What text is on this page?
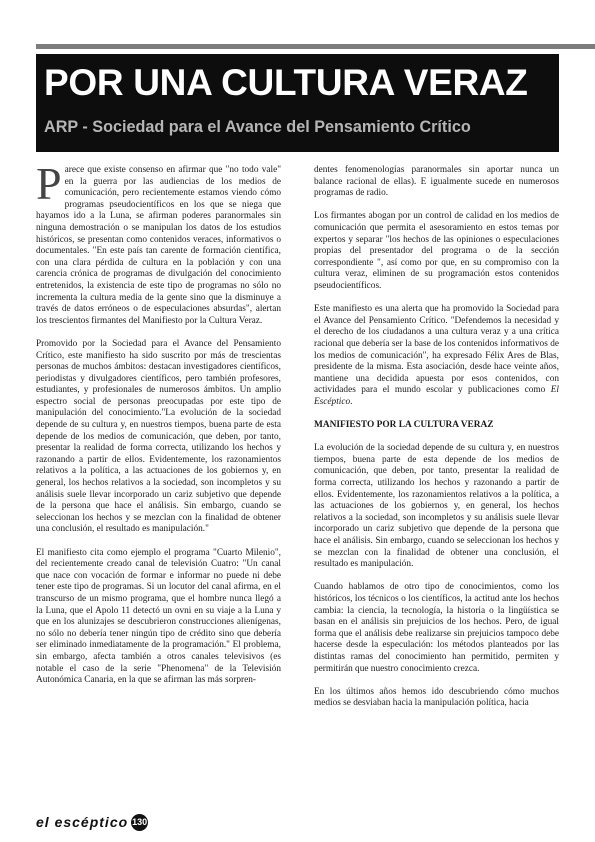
POR UNA CULTURA VERAZ
ARP - Sociedad para el Avance del Pensamiento Crítico

Parece que existe consenso en afirmar que "no todo vale" en la guerra por las audiencias de los medios de comunicación, pero recientemente estamos viendo cómo programas pseudocientíficos en los que se niega que hayamos ido a la Luna, se afirman poderes paranormales sin ninguna demostración o se manipulan los datos de los estudios históricos, se presentan como contenidos veraces, informativos o documentales. "En este país tan carente de formación científica, con una clara pérdida de cultura en la población y con una carencia crónica de programas de divulgación del conocimiento entretenidos, la existencia de este tipo de programas no sólo no incrementa la cultura media de la gente sino que la disminuye a través de datos erróneos o de especulaciones absurdas", alertan los trescientos firmantes del Manifiesto por la Cultura Veraz.

Promovido por la Sociedad para el Avance del Pensamiento Crítico, este manifiesto ha sido suscrito por más de trescientas personas de muchos ámbitos: destacan investigadores científicos, periodistas y divulgadores científicos, pero también profesores, estudiantes, y profesionales de numerosos ámbitos. Un amplio espectro social de personas preocupadas por este tipo de manipulación del conocimiento."La evolución de la sociedad depende de su cultura y, en nuestros tiempos, buena parte de esta depende de los medios de comunicación, que deben, por tanto, presentar la realidad de forma correcta, utilizando los hechos y razonando a partir de ellos. Evidentemente, los razonamientos relativos a la política, a las actuaciones de los gobiernos y, en general, los hechos relativos a la sociedad, son incompletos y su análisis suele llevar incorporado un cariz subjetivo que depende de la persona que hace el análisis. Sin embargo, cuando se seleccionan los hechos y se mezclan con la finalidad de obtener una conclusión, el resultado es manipulación."

El manifiesto cita como ejemplo el programa "Cuarto Milenio", del recientemente creado canal de televisión Cuatro: "Un canal que nace con vocación de formar e informar no puede ni debe tener este tipo de programas. Si un locutor del canal afirma, en el transcurso de un mismo programa, que el hombre nunca llegó a la Luna, que el Apolo 11 detectó un ovni en su viaje a la Luna y que en los alunizajes se descubrieron construcciones alienígenas, no sólo no debería tener ningún tipo de crédito sino que debería ser eliminado inmediatamente de la programación." El problema, sin embargo, afecta también a otros canales televisivos (es notable el caso de la serie "Phenomena" de la Televisión Autonómica Canaria, en la que se afirman las más sorpren-

dentes fenomenologías paranormales sin aportar nunca un balance racional de ellas). E igualmente sucede en numerosos programas de radio.

Los firmantes abogan por un control de calidad en los medios de comunicación que permita el asesoramiento en estos temas por expertos y separar "los hechos de las opiniones o especulaciones propias del presentador del programa o de la sección correspondiente ", así como por que, en su compromiso con la cultura veraz, eliminen de su programación estos contenidos pseudocientíficos.

Este manifiesto es una alerta que ha promovido la Sociedad para el Avance del Pensamiento Crítico. "Defendemos la necesidad y el derecho de los ciudadanos a una cultura veraz y a una crítica racional que debería ser la base de los contenidos informativos de los medios de comunicación", ha expresado Félix Ares de Blas, presidente de la misma. Esta asociación, desde hace veinte años, mantiene una decidida apuesta por esos contenidos, con actividades para el mundo escolar y publicaciones como El Escéptico.

MANIFIESTO POR LA CULTURA VERAZ

La evolución de la sociedad depende de su cultura y, en nuestros tiempos, buena parte de esta depende de los medios de comunicación, que deben, por tanto, presentar la realidad de forma correcta, utilizando los hechos y razonando a partir de ellos. Evidentemente, los razonamientos relativos a la política, a las actuaciones de los gobiernos y, en general, los hechos relativos a la sociedad, son incompletos y su análisis suele llevar incorporado un cariz subjetivo que depende de la persona que hace el análisis. Sin embargo, cuando se seleccionan los hechos y se mezclan con la finalidad de obtener una conclusión, el resultado es manipulación.

Cuando hablamos de otro tipo de conocimientos, como los históricos, los técnicos o los científicos, la actitud ante los hechos cambia: la ciencia, la tecnología, la historia o la lingüística se basan en el análisis sin prejuicios de los hechos. Pero, de igual forma que el análisis debe realizarse sin prejuicios tampoco debe hacerse desde la especulación: los métodos planteados por las distintas ramas del conocimiento han permitido, permiten y permitirán que nuestro conocimiento crezca.

En los últimos años hemos ido descubriendo cómo muchos medios se desviaban hacia la manipulación política, hacia

el escéptico 130
